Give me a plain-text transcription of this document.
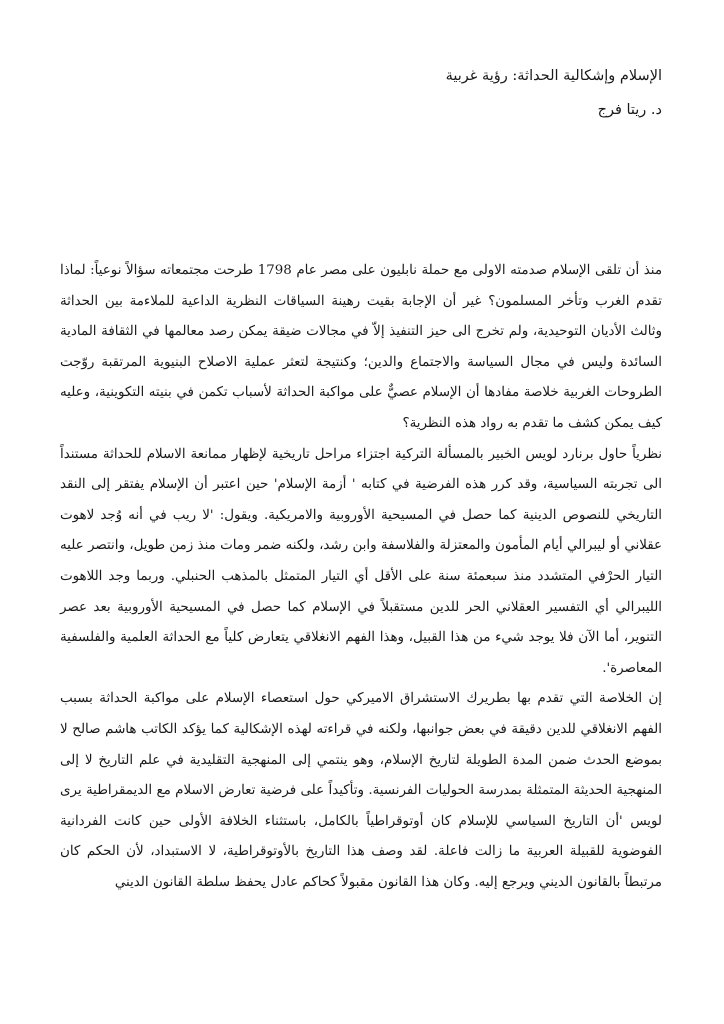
الإسلام وإشكالية الحداثة: رؤية غربية

د. ريتا فرج

منذ أن تلقى الإسلام صدمته الاولى مع حملة نابليون على مصر عام 1798 طرحت مجتمعاته سؤالاً نوعياً: لماذا تقدم الغرب وتأخر المسلمون؟ غير أن الإجابة بقيت رهينة السياقات النظرية الداعية للملاءمة بين الحداثة وثالث الأديان التوحيدية، ولم تخرج الى حيز التنفيذ إلاّ في مجالات ضيقة يمكن رصد معالمها في الثقافة المادية السائدة وليس في مجال السياسة والاجتماع والدين؛ وكنتيجة لتعثر عملية الاصلاح البنيوية المرتقبة روّجت الطروحات الغربية خلاصة مفادها أن الإسلام عصيٌّ على مواكبة الحداثة لأسباب تكمن في بنيته التكوينية، وعليه كيف يمكن كشف ما تقدم به رواد هذه النظرية؟

نظرياً حاول برنارد لويس الخبير بالمسألة التركية اجتزاء مراحل تاريخية لإظهار ممانعة الاسلام للحداثة مستنداً الى تجربته السياسية، وقد كرر هذه الفرضية في كتابه ' أزمة الإسلام' حين اعتبر أن الإسلام يفتقر إلى النقد التاريخي للنصوص الدينية كما حصل في المسيحية الأوروبية والامريكية. ويقول: 'لا ريب في أنه وُجد لاهوت عقلاني أو ليبرالي أيام المأمون والمعتزلة والفلاسفة وابن رشد، ولكنه ضمر ومات منذ زمن طويل، وانتصر عليه التيار الحرْفي المتشدد منذ سبعمئة سنة على الأقل أي التيار المتمثل بالمذهب الحنبلي. وربما وجد اللاهوت الليبرالي أي التفسير العقلاني الحر للدين مستقبلاً في الإسلام كما حصل في المسيحية الأوروبية بعد عصر التنوير، أما الآن فلا يوجد شيء من هذا القبيل، وهذا الفهم الانغلاقي يتعارض كلياً مع الحداثة العلمية والفلسفية المعاصرة'.

إن الخلاصة التي تقدم بها بطريرك الاستشراق الاميركي حول استعصاء الإسلام على مواكبة الحداثة بسبب الفهم الانغلاقي للدين دقيقة في بعض جوانبها، ولكنه في قراءته لهذه الإشكالية كما يؤكد الكاتب هاشم صالح لا بموضع الحدث ضمن المدة الطويلة لتاريخ الإسلام، وهو ينتمي إلى المنهجية التقليدية في علم التاريخ لا إلى المنهجية الحديثة المتمثلة بمدرسة الحوليات الفرنسية. وتأكيداً على فرضية تعارض الاسلام مع الديمقراطية يرى لويس 'أن التاريخ السياسي للإسلام كان أوتوقراطياً بالكامل، باستثناء الخلافة الأولى حين كانت الفردانية الفوضوية للقبيلة العربية ما زالت فاعلة. لقد وصف هذا التاريخ بالأوتوقراطية، لا الاستبداد، لأن الحكم كان مرتبطاً بالقانون الديني ويرجع إليه. وكان هذا القانون مقبولاً كحاكم عادل يحفظ سلطة القانون الديني
